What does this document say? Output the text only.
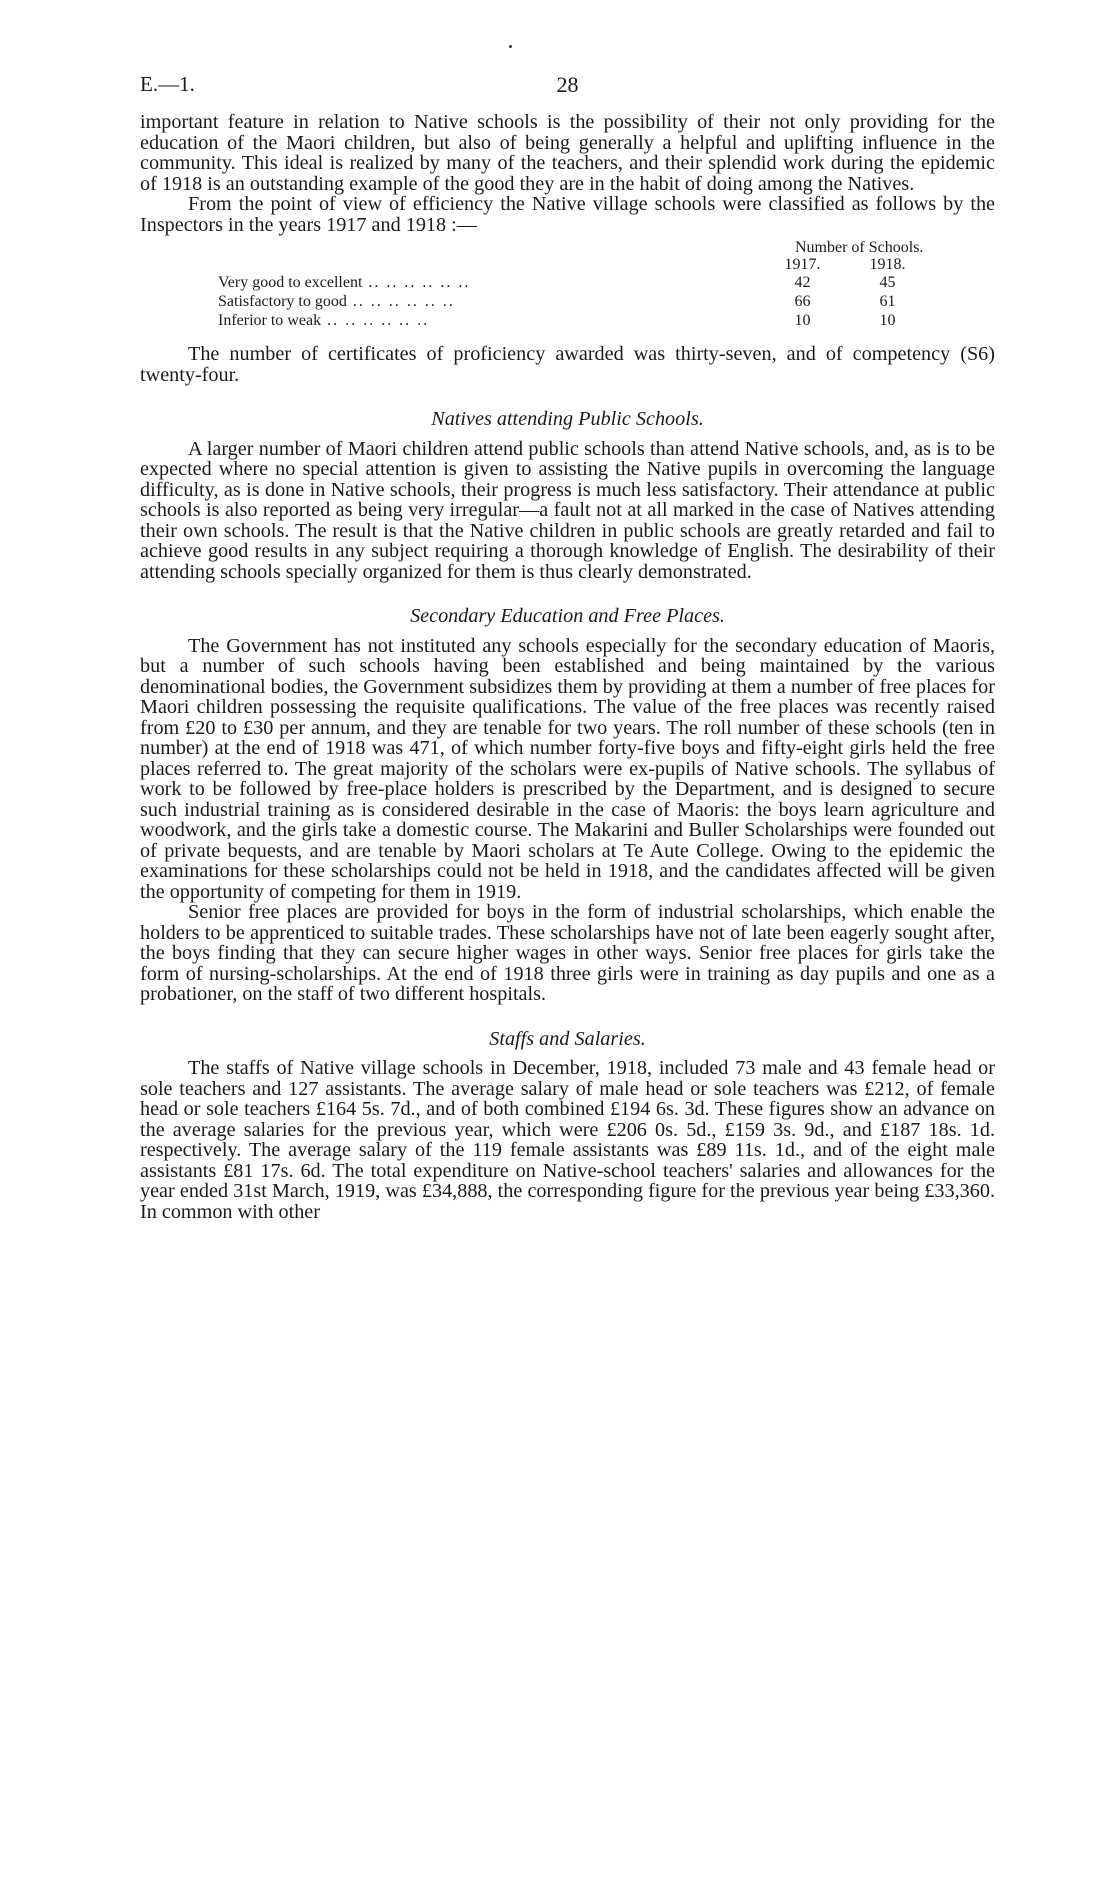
E.—1.	28

important feature in relation to Native schools is the possibility of their not only providing for the education of the Maori children, but also of being generally a helpful and uplifting influence in the community. This ideal is realized by many of the teachers, and their splendid work during the epidemic of 1918 is an outstanding example of the good they are in the habit of doing among the Natives.

From the point of view of efficiency the Native village schools were classified as follows by the Inspectors in the years 1917 and 1918 :—

Number of Schools.
1917.	1918.
Very good to excellent .. .. .. .. .. ..	42	45
Satisfactory to good .. .. .. .. .. ..	66	61
Inferior to weak .. .. .. .. .. ..	10	10

The number of certificates of proficiency awarded was thirty-seven, and of competency (S6) twenty-four.

Natives attending Public Schools.

A larger number of Maori children attend public schools than attend Native schools, and, as is to be expected where no special attention is given to assisting the Native pupils in overcoming the language difficulty, as is done in Native schools, their progress is much less satisfactory. Their attendance at public schools is also reported as being very irregular—a fault not at all marked in the case of Natives attending their own schools. The result is that the Native children in public schools are greatly retarded and fail to achieve good results in any subject requiring a thorough knowledge of English. The desirability of their attending schools specially organized for them is thus clearly demonstrated.

Secondary Education and Free Places.

The Government has not instituted any schools especially for the secondary education of Maoris, but a number of such schools having been established and being maintained by the various denominational bodies, the Government subsidizes them by providing at them a number of free places for Maori children possessing the requisite qualifications. The value of the free places was recently raised from £20 to £30 per annum, and they are tenable for two years. The roll number of these schools (ten in number) at the end of 1918 was 471, of which number forty-five boys and fifty-eight girls held the free places referred to. The great majority of the scholars were ex-pupils of Native schools. The syllabus of work to be followed by free-place holders is prescribed by the Department, and is designed to secure such industrial training as is considered desirable in the case of Maoris: the boys learn agriculture and woodwork, and the girls take a domestic course. The Makarini and Buller Scholarships were founded out of private bequests, and are tenable by Maori scholars at Te Aute College. Owing to the epidemic the examinations for these scholarships could not be held in 1918, and the candidates affected will be given the opportunity of competing for them in 1919.

Senior free places are provided for boys in the form of industrial scholarships, which enable the holders to be apprenticed to suitable trades. These scholarships have not of late been eagerly sought after, the boys finding that they can secure higher wages in other ways. Senior free places for girls take the form of nursing-scholarships. At the end of 1918 three girls were in training as day pupils and one as a probationer, on the staff of two different hospitals.

Staffs and Salaries.

The staffs of Native village schools in December, 1918, included 73 male and 43 female head or sole teachers and 127 assistants. The average salary of male head or sole teachers was £212, of female head or sole teachers £164 5s. 7d., and of both combined £194 6s. 3d. These figures show an advance on the average salaries for the previous year, which were £206 0s. 5d., £159 3s. 9d., and £187 18s. 1d. respectively. The average salary of the 119 female assistants was £89 11s. 1d., and of the eight male assistants £81 17s. 6d. The total expenditure on Native-school teachers' salaries and allowances for the year ended 31st March, 1919, was £34,888, the corresponding figure for the previous year being £33,360. In common with other
